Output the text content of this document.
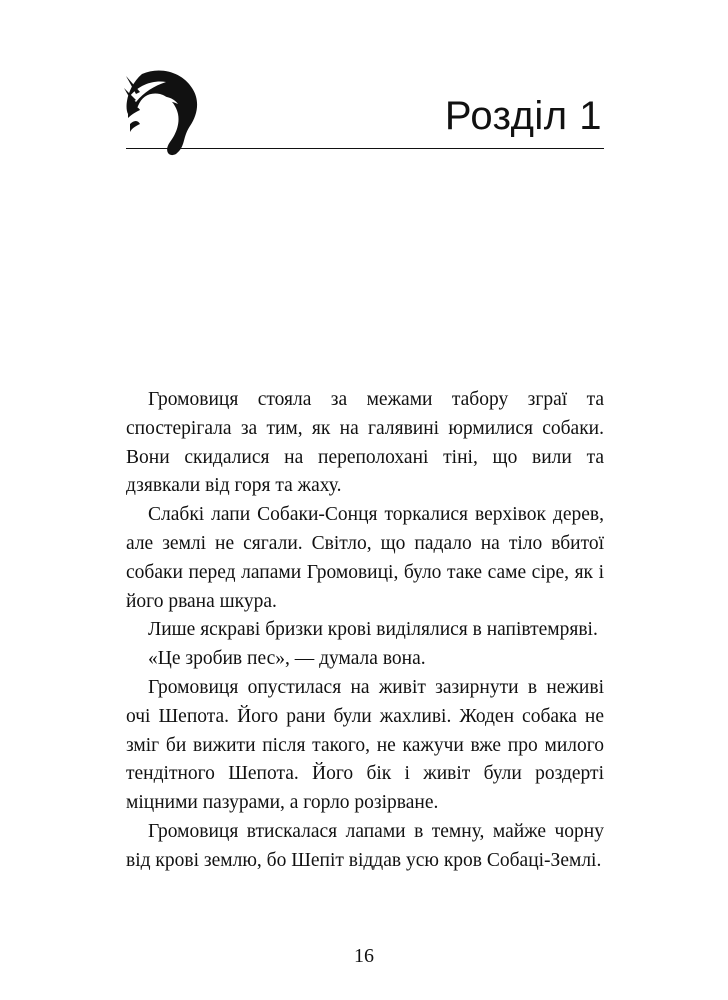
Розділ 1

Громовиця стояла за межами табору зграї та спостерігала за тим, як на галявині юрмилися собаки. Вони скидалися на переполохані тіні, що вили та дзявкали від горя та жаху.

Слабкі лапи Собаки-Сонця торкалися верхівок дерев, але землі не сягали. Світло, що падало на тіло вбитої собаки перед лапами Громовиці, було таке саме сіре, як і його рвана шкура.

Лише яскраві бризки крові виділялися в напівтемряві.

«Це зробив пес», — думала вона.

Громовиця опустилася на живіт зазирнути в неживі очі Шепота. Його рани були жахливі. Жоден собака не зміг би вижити після такого, не кажучи вже про милого тендітного Шепота. Його бік і живіт були роздерті міцними пазурами, а горло розірване.

Громовиця втискалася лапами в темну, майже чорну від крові землю, бо Шепіт віддав усю кров Собаці-Землі.

16
